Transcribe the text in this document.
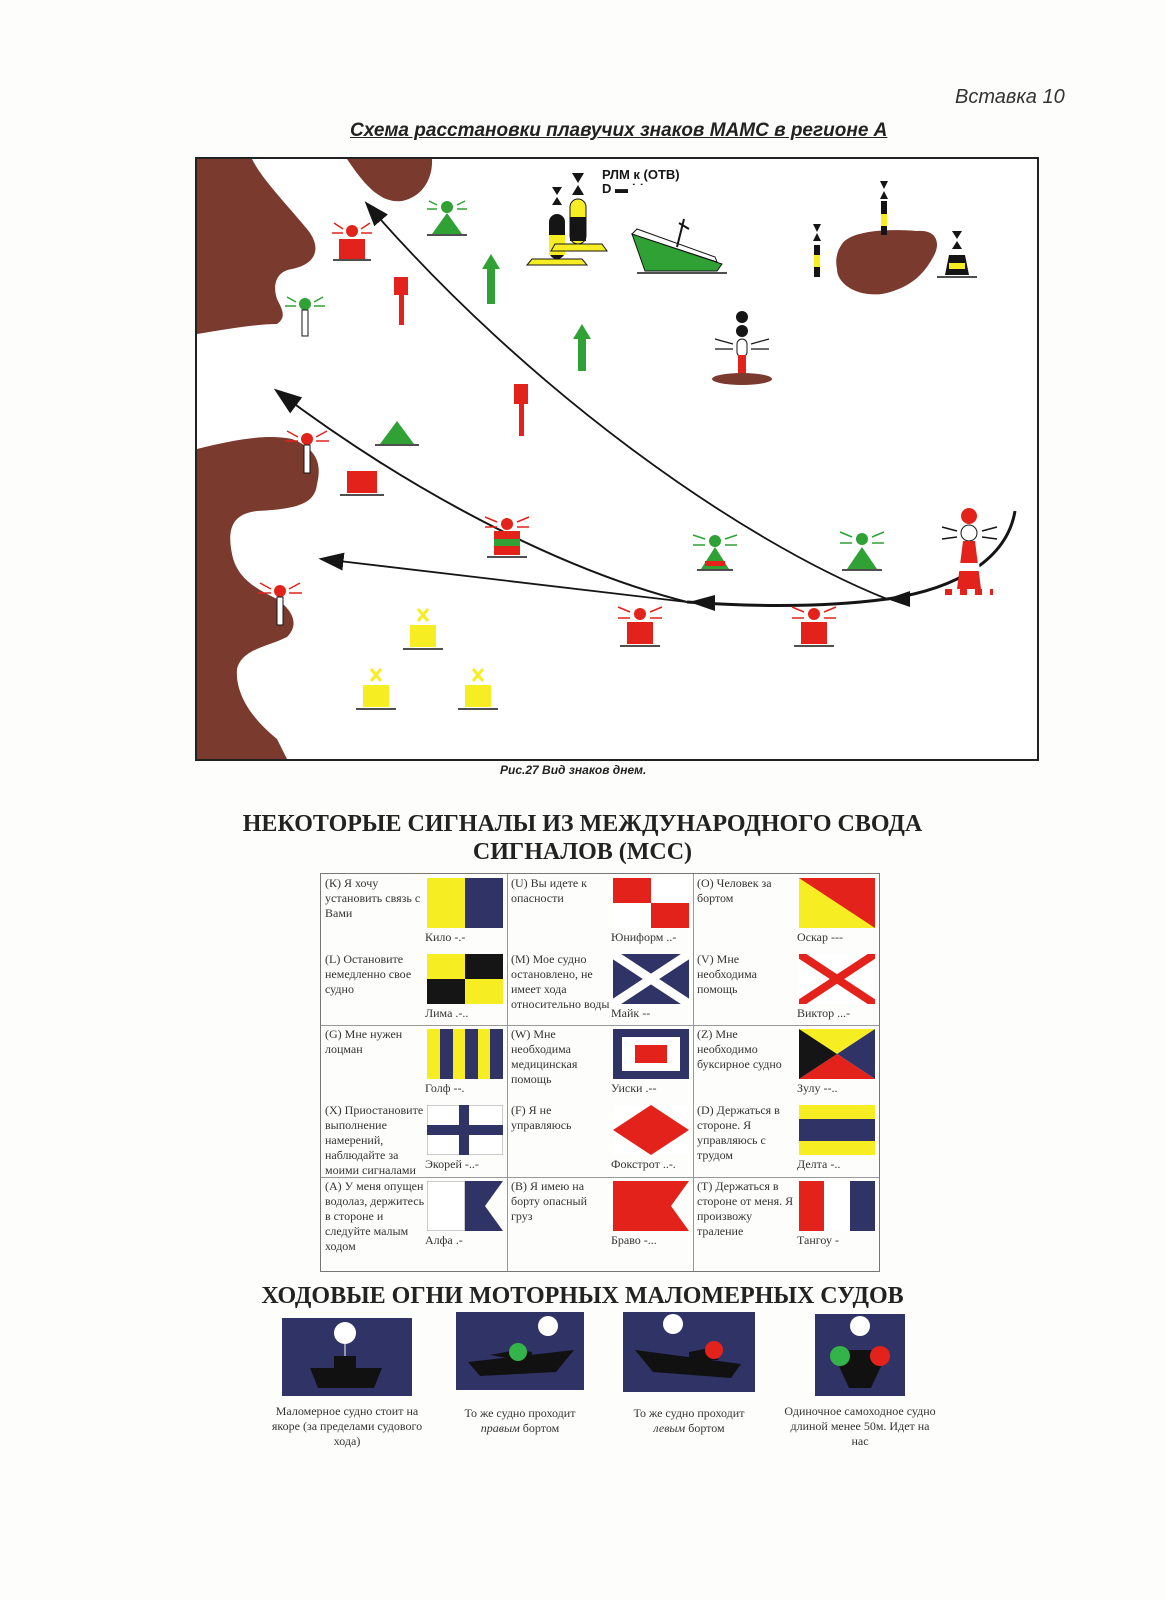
Вставка 10
Схема расстановки плавучих знаков МАМС в регионе А
РЛМ к (ОТВ)
D ▬ ˙ ˙
Рис.27 Вид знаков днем.
НЕКОТОРЫЕ СИГНАЛЫ ИЗ МЕЖДУНАРОДНОГО СВОДА
СИГНАЛОВ (МСС)
(К) Я хочу установить связь с Вами
Кило -.-
(U) Вы идете к опасности
Юниформ ..-
(O) Человек за бортом
Оскар ---
(L) Остановите немедленно свое судно
Лима .-..
(M) Мое судно остановлено, не имеет хода относительно воды
Майк --
(V) Мне необходима помощь
Виктор ...-
(G) Мне нужен лоцман
Голф --.
(W) Мне необходима медицинская помощь
Уиски .--
(Z) Мне необходимо буксирное судно
Зулу --..
(X) Приостановите выполнение намерений, наблюдайте за моими сигналами Экорей -..-
(F) Я не управляюсь
Фокстрот ..-.
(D) Держаться в стороне. Я управляюсь с трудом
Делта -..
(A) У меня опущен водолаз, держитесь в стороне и следуйте малым ходом	Алфа .-
(B) Я имею на борту опасный груз
Браво -...
(T) Держаться в стороне от меня. Я произвожу траление
Тангоу -
ХОДОВЫЕ ОГНИ МОТОРНЫХ МАЛОМЕРНЫХ СУДОВ
Маломерное судно стоит на якоре (за пределами судового хода)
То же судно проходит
правым бортом
То же судно проходит
левым бортом
Одиночное самоходное судно длиной менее 50м. Идет на нас
